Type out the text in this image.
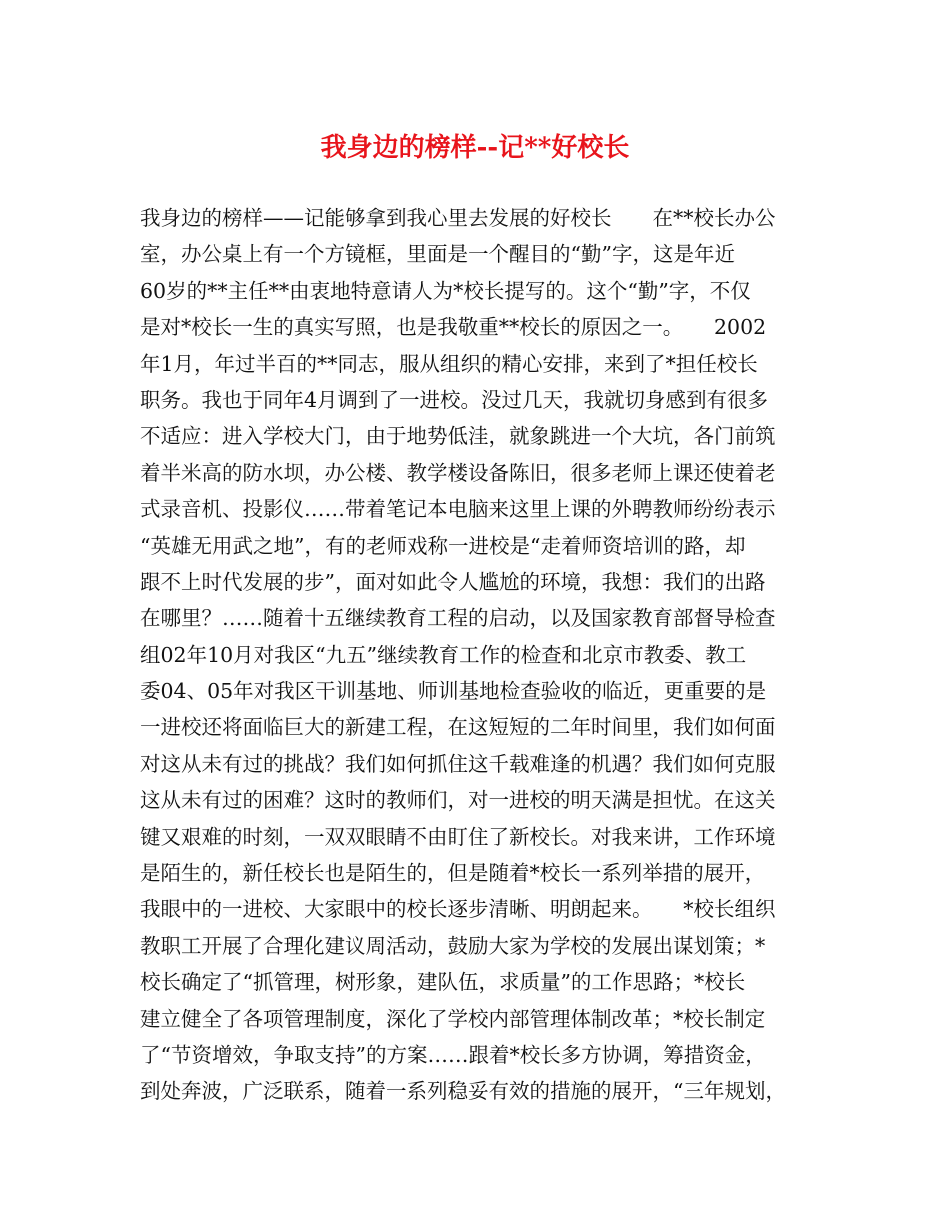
我身边的榜样--记**好校长
我身边的榜样——记能够拿到我心里去发展的好校长　　在**校长办公
室，办公桌上有一个方镜框，里面是一个醒目的“勤”字，这是年近
60岁的**主任**由衷地特意请人为*校长提写的。这个“勤”字，不仅
是对*校长一生的真实写照，也是我敬重**校长的原因之一。　　2002
年1月，年过半百的**同志，服从组织的精心安排，来到了*担任校长
职务。我也于同年4月调到了一进校。没过几天，我就切身感到有很多
不适应：进入学校大门，由于地势低洼，就象跳进一个大坑，各门前筑
着半米高的防水坝，办公楼、教学楼设备陈旧，很多老师上课还使着老
式录音机、投影仪……带着笔记本电脑来这里上课的外聘教师纷纷表示
“英雄无用武之地”，有的老师戏称一进校是“走着师资培训的路，却
跟不上时代发展的步”，面对如此令人尴尬的环境，我想：我们的出路
在哪里？……随着十五继续教育工程的启动，以及国家教育部督导检查
组02年10月对我区“九五”继续教育工作的检查和北京市教委、教工
委04、05年对我区干训基地、师训基地检查验收的临近，更重要的是
一进校还将面临巨大的新建工程，在这短短的二年时间里，我们如何面
对这从未有过的挑战？我们如何抓住这千载难逢的机遇？我们如何克服
这从未有过的困难？这时的教师们，对一进校的明天满是担忧。在这关
键又艰难的时刻，一双双眼睛不由盯住了新校长。对我来讲，工作环境
是陌生的，新任校长也是陌生的，但是随着*校长一系列举措的展开，
我眼中的一进校、大家眼中的校长逐步清晰、明朗起来。　　*校长组织
教职工开展了合理化建议周活动，鼓励大家为学校的发展出谋划策；*
校长确定了“抓管理，树形象，建队伍，求质量”的工作思路；*校长
建立健全了各项管理制度，深化了学校内部管理体制改革；*校长制定
了“节资增效，争取支持”的方案……跟着*校长多方协调，筹措资金，
到处奔波，广泛联系，随着一系列稳妥有效的措施的展开，“三年规划，
